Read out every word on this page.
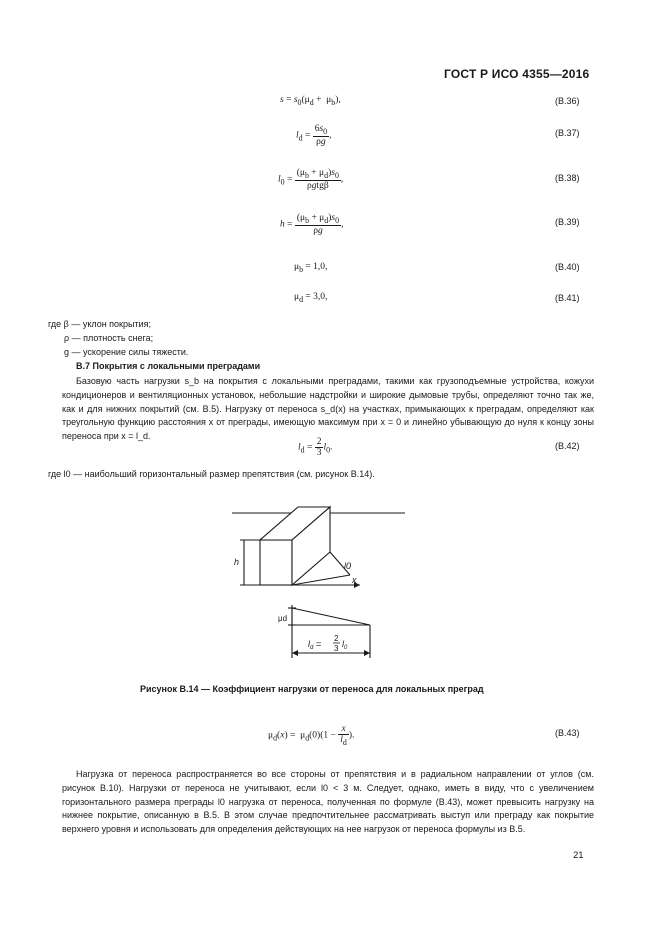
ГОСТ Р ИСО 4355—2016
$s = s_0(\mu_d + \mu_b)$,	(B.36)
$l_d = \frac{6s_0}{\rho g}$ ,	(B.37)
$l_0 = \frac{(\mu_b + \mu_d)s_0}{\text{ρgtgβ}}$ ,	(B.38)
$h = \frac{(\mu_b + \mu_d)s_0}{\rho g}$ ,	(B.39)
$\mu_b = 1,0$,	(B.40)
$\mu_d = 3,0$,	(B.41)
где β — уклон покрытия;
ρ — плотность снега;
g — ускорение силы тяжести.
B.7 Покрытия с локальными преградами
Базовую часть нагрузки s_b на покрытия с локальными преградами, такими как грузоподъемные устройства, кожухи кондиционеров и вентиляционных установок, небольшие надстройки и широкие дымовые трубы, определяют точно так же, как и для нижних покрытий (см. B.5). Нагрузку от переноса s_d(x) на участках, примыкающих к преградам, определяют как треугольную функцию расстояния x от преграды, имеющую максимум при x = 0 и линейно убывающую до нуля к концу зоны переноса при x = l_d.
$l_d = \frac{2}{3} l_0$.	(B.42)
где l0 — наибольший горизонтальный размер препятствия (см. рисунок B.14).
h	l0
x
μd
$l_d$ =
2
3 $l_0$
Рисунок B.14 — Коэффициент нагрузки от переноса для локальных преград
$\mu_d(x) = \mu_d(0)(1 - \frac{x}{l_d}$ ).	(B.43)
Нагрузка от переноса распространяется во все стороны от препятствия и в радиальном направлении от углов (см. рисунок B.10). Нагрузки от переноса не учитывают, если l0 < 3 м. Следует, однако, иметь в виду, что с увеличением горизонтального размера преграды l0 нагрузка от переноса, полученная по формуле (B.43), может превысить нагрузку на нижнее покрытие, описанную в B.5. В этом случае предпочтительнее рассматривать выступ или преграду как покрытие верхнего уровня и использовать для определения действующих на нее нагрузок от переноса формулы из B.5.
21
